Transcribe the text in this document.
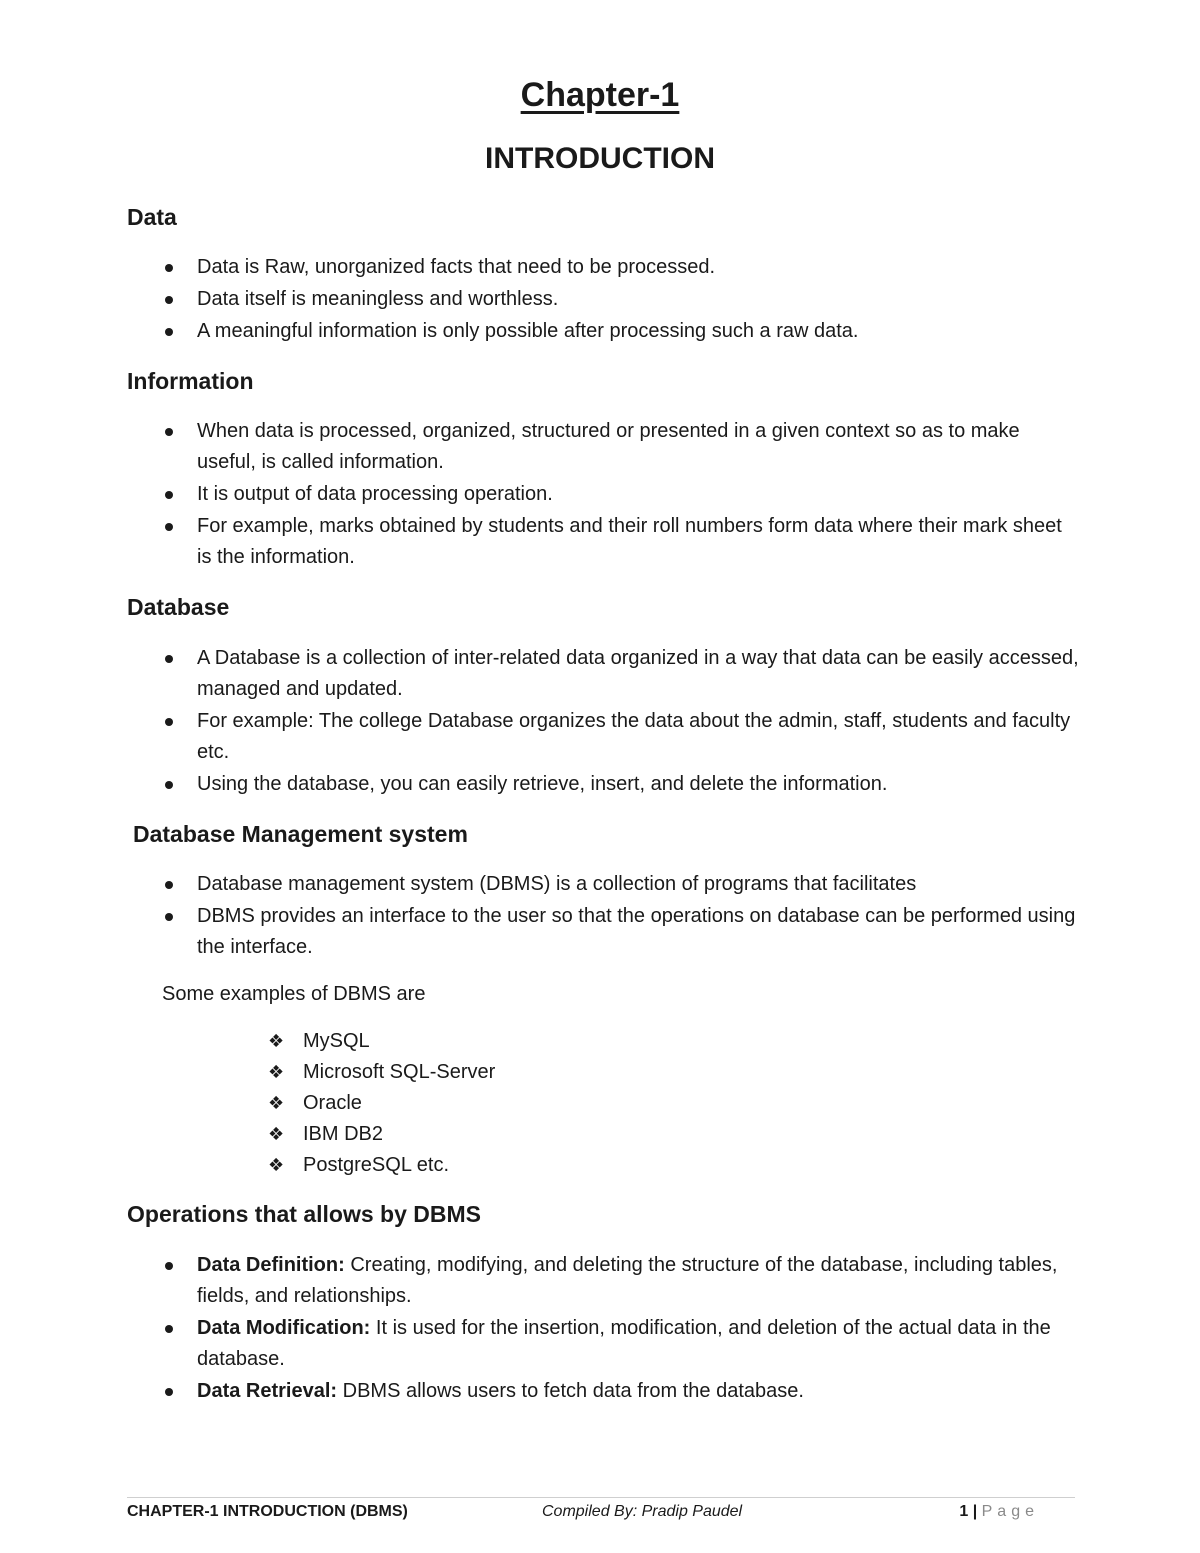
Chapter-1
INTRODUCTION
Data
Data is Raw, unorganized facts that need to be processed.
Data itself is meaningless and worthless.
A meaningful information is only possible after processing such a raw data.
Information
When data is processed, organized, structured or presented in a given context so as to make useful, is called information.
It is output of data processing operation.
For example, marks obtained by students and their roll numbers form data where their mark sheet is the information.
Database
A Database is a collection of inter-related data organized in a way that data can be easily accessed, managed and updated.
For example: The college Database organizes the data about the admin, staff, students and faculty etc.
Using the database, you can easily retrieve, insert, and delete the information.
Database Management system
Database management system (DBMS) is a collection of programs that facilitates
DBMS provides an interface to the user so that the operations on database can be performed using the interface.

Some examples of DBMS are

❖ MySQL
❖ Microsoft SQL-Server
❖ Oracle
❖ IBM DB2
❖ PostgreSQL etc.
Operations that allows by DBMS
Data Definition: Creating, modifying, and deleting the structure of the database, including tables, fields, and relationships.
Data Modification: It is used for the insertion, modification, and deletion of the actual data in the database.
Data Retrieval: DBMS allows users to fetch data from the database.
CHAPTER-1 INTRODUCTION (DBMS)	Compiled By: Pradip Paudel	1 | Page
